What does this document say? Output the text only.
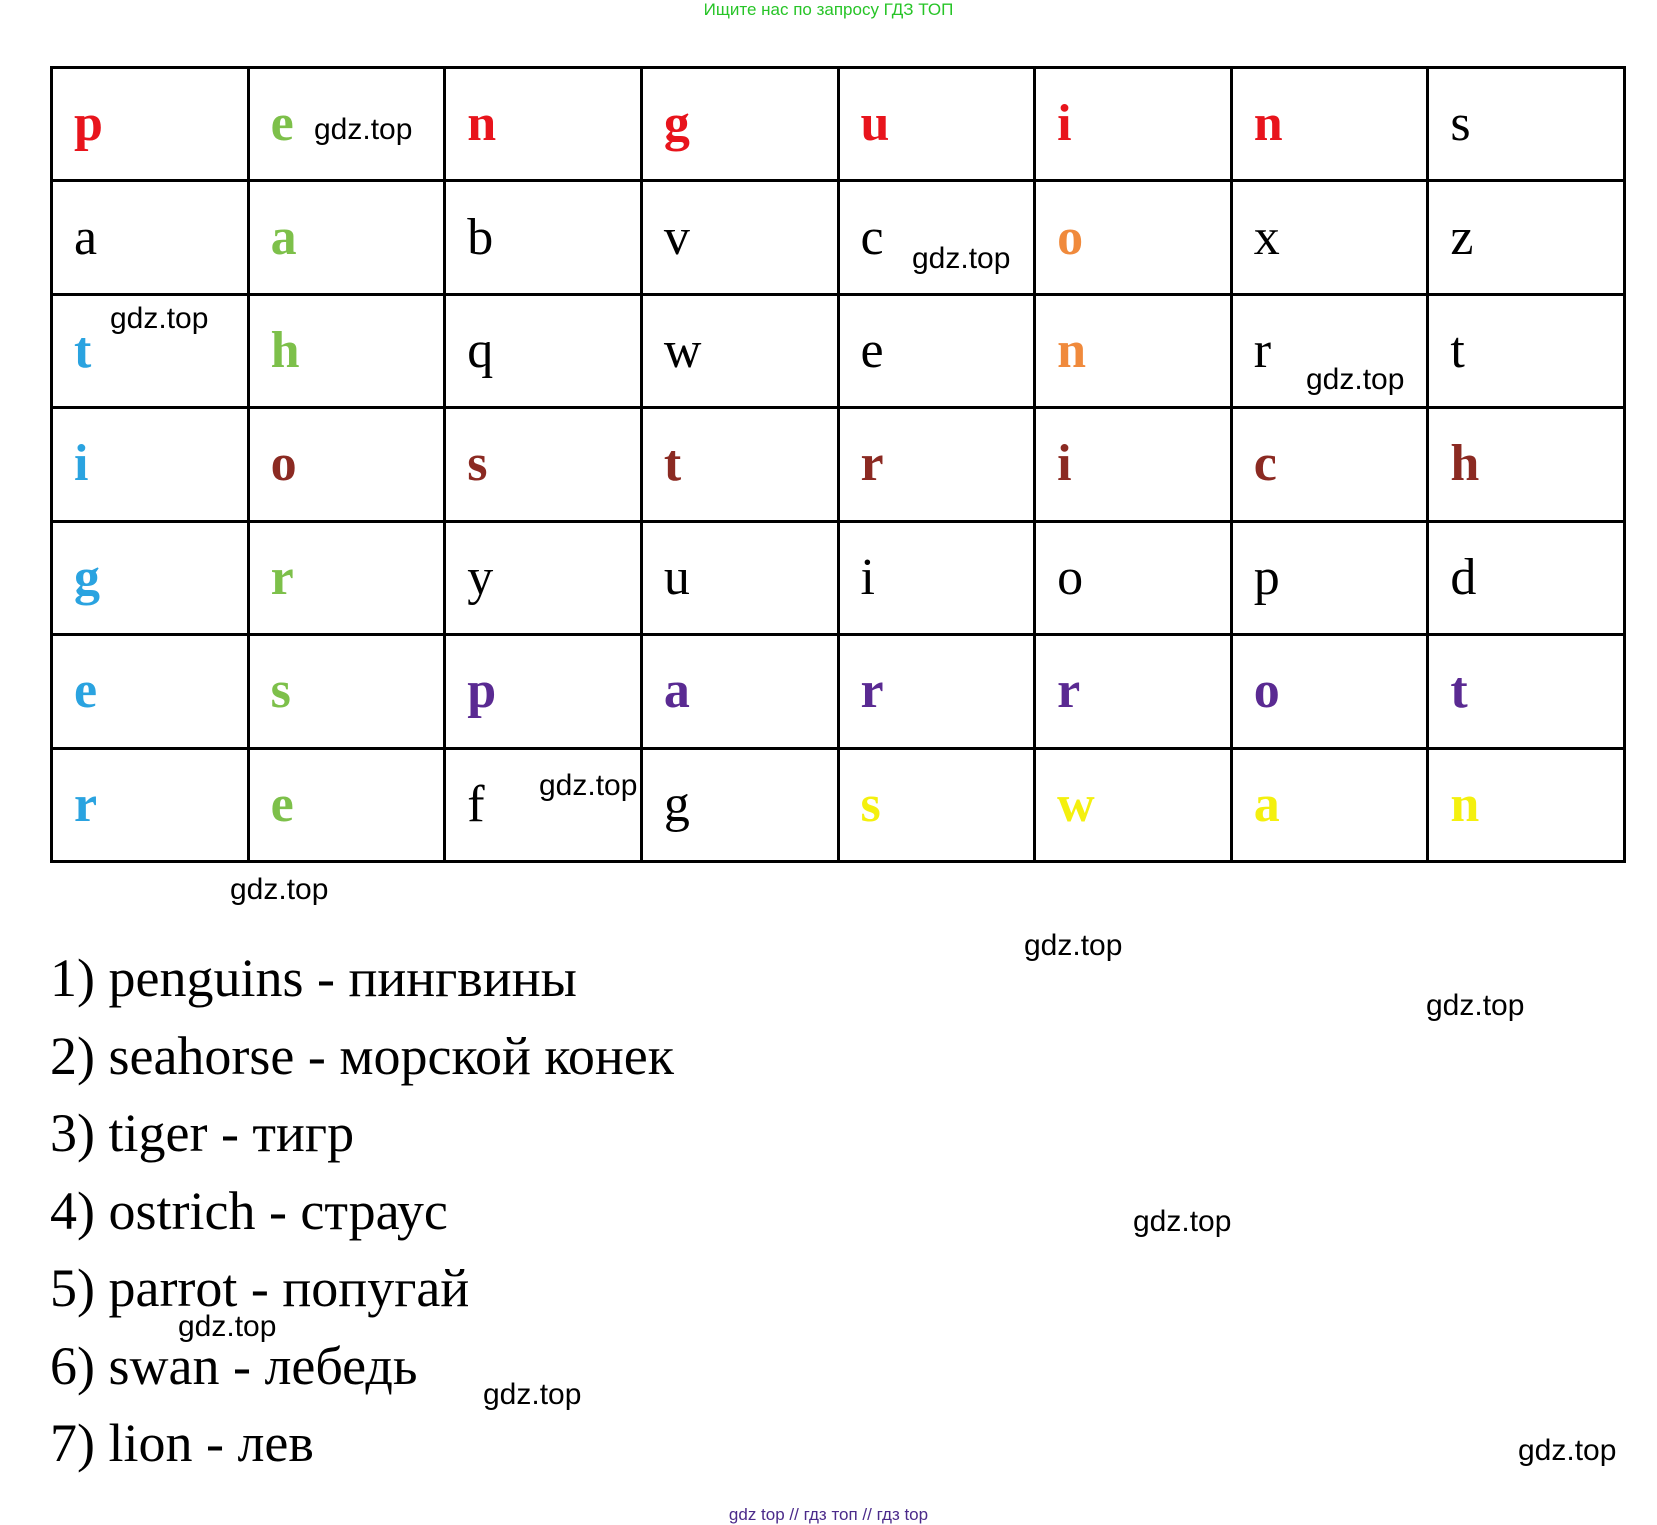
Ищите нас по запросу ГДЗ ТОП
p	e	n	g	u	i	n	s
a	a	b	v	c	o	x	z
t	h	q	w	e	n	r	t
i	o	s	t	r	i	c	h
g	r	y	u	i	o	p	d
e	s	p	a	r	r	o	t
r	e	f	g	s	w	a	n
1) penguins - пингвины
2) seahorse - морской конек
3) tiger - тигр
4) ostrich - страус
5) parrot - попугай
6) swan - лебедь
7) lion - лев
gdz.top
gdz.top
gdz.top
gdz.top
gdz.top
gdz.top
gdz.top
gdz.top
gdz.top
gdz.top
gdz.top
gdz.top
gdz top // гдз топ // гдз top
